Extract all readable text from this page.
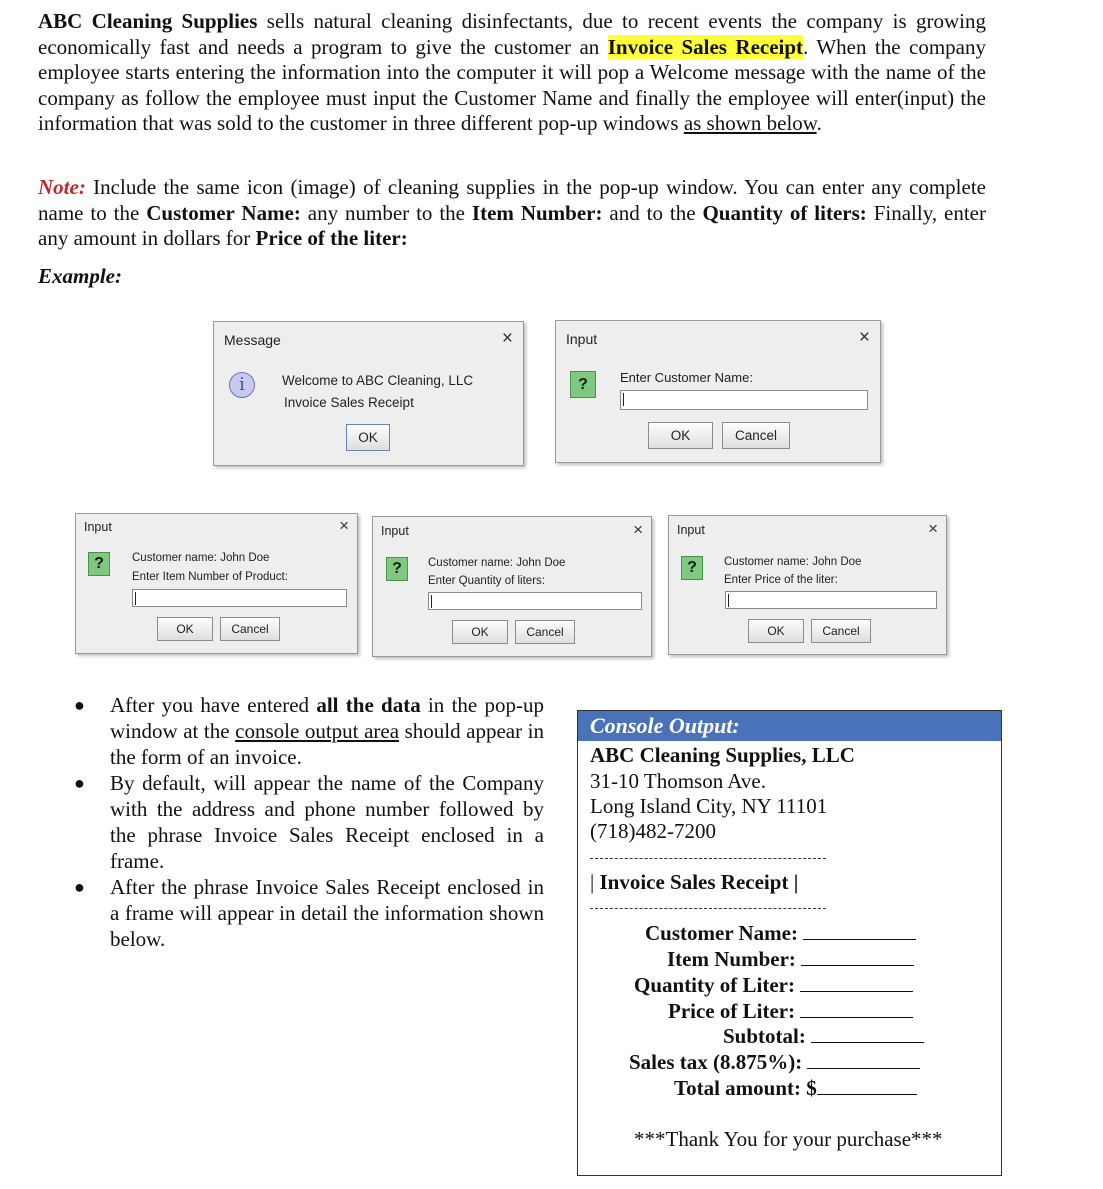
ABC Cleaning Supplies sells natural cleaning disinfectants, due to recent events the company is growing economically fast and needs a program to give the customer an Invoice Sales Receipt. When the company employee starts entering the information into the computer it will pop a Welcome message with the name of the company as follow the employee must input the Customer Name and finally the employee will enter(input) the information that was sold to the customer in three different pop-up windows as shown below.
Note: Include the same icon (image) of cleaning supplies in the pop-up window. You can enter any complete name to the Customer Name: any number to the Item Number: and to the Quantity of liters: Finally, enter any amount in dollars for Price of the liter:
Example:
Message	×
i	Welcome to ABC Cleaning, LLC
Invoice Sales Receipt
OK
Input	×
?	Enter Customer Name:
OK	Cancel
Input	×
?	Customer name: John Doe
Enter Item Number of Product:
OK	Cancel
Input	×
?	Customer name: John Doe
Enter Quantity of liters:
OK	Cancel
Input	×
?	Customer name: John Doe
Enter Price of the liter:
OK	Cancel
● After you have entered all the data in the pop-up window at the console output area should appear in the form of an invoice.
● By default, will appear the name of the Company with the address and phone number followed by the phrase Invoice Sales Receipt enclosed in a frame.
● After the phrase Invoice Sales Receipt enclosed in a frame will appear in detail the information shown below.
Console Output:
ABC Cleaning Supplies, LLC
31-10 Thomson Ave.
Long Island City, NY 11101
(718)482-7200
| Invoice Sales Receipt |
Customer Name:
Item Number:
Quantity of Liter:
Price of Liter:
Subtotal:
Sales tax (8.875%):
Total amount: $
***Thank You for your purchase***
